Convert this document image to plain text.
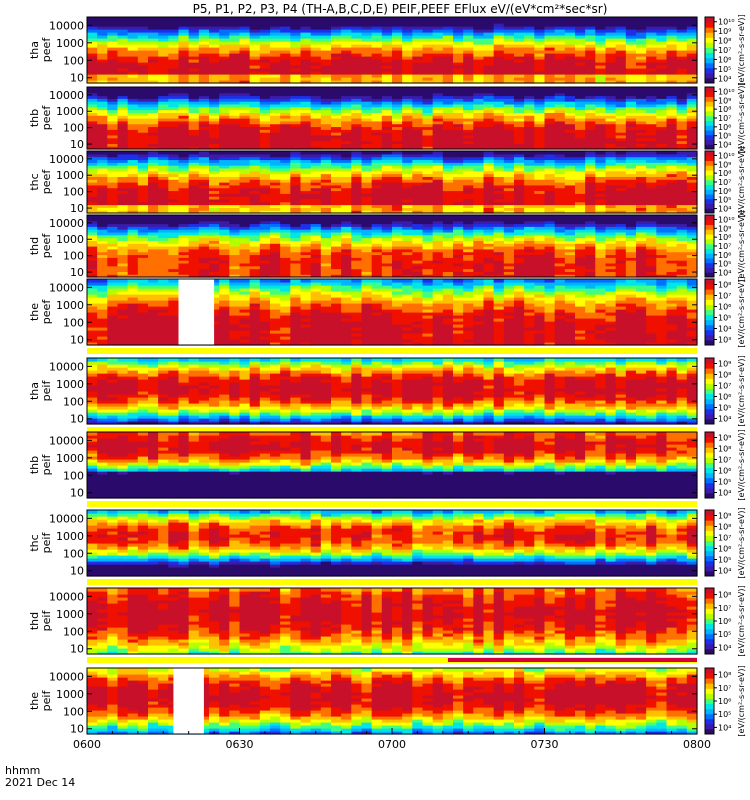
P5, P1, P2, P3, P4 (TH-A,B,C,D,E) PEIF,PEEF EFlux eV/(eV*cm²*sec*sr)
10
100
1000
10000
tha peef
10⁴
10⁵
10⁶
10⁷
10⁸
10⁹
10¹⁰ [eV/(cm²-s-sr-eV)]
10
100
1000
10000
thb peef
10⁴
10⁵
10⁶
10⁷
10⁸
10⁹
10¹⁰ [eV/(cm²-s-sr-eV)]
10
100
1000
10000
thc peef
10⁴
10⁵
10⁶
10⁷
10⁸
10⁹
10¹⁰ [eV/(cm²-s-sr-eV)]
10
100
1000
10000
thd peef
10⁴
10⁵
10⁶
10⁷
10⁸
10⁹
10¹⁰ [eV/(cm²-s-sr-eV)]
10
100
1000
10000
the peef
10³
10⁴
10⁵
10⁶
10⁷
10⁸ [eV/(cm²-s-sr-eV)]
10
100
1000
10000
tha peif
10⁴
10⁵
10⁶
10⁷
10⁸
10⁹ [eV/(cm²-s-sr-eV)]
10
100
1000
10000
thb peif
10⁴
10⁵
10⁶
10⁷
10⁸
10⁹ [eV/(cm²-s-sr-eV)]
10
100
1000
10000
thc peif
10⁴
10⁵
10⁶
10⁷
10⁸
10⁹ [eV/(cm²-s-sr-eV)]
10
100
1000
10000
thd peif
10⁴
10⁵
10⁶
10⁷
10⁸ [eV/(cm²-s-sr-eV)]
10
100
1000
10000
the peif
10⁴
10⁵
10⁶
10⁷
10⁸ [eV/(cm²-s-sr-eV)]
0600	0630	0700	0730	0800
hhmm
2021 Dec 14
